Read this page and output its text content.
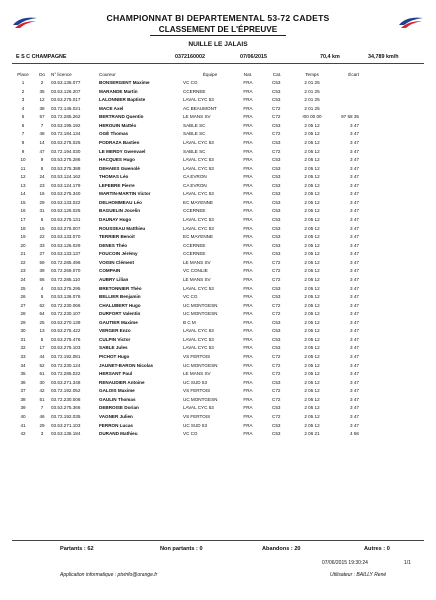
CHAMPIONNAT BI DEPARTEMENTAL 53-72 CADETS
CLASSEMENT DE L'ÉPREUVE
NUILLE LE JALAIS
E S C CHAMPAGNE	0372160002	07/06/2015	70,4 km	34,789 km/h
Place	Do	N° licence	Coureur	Équipe	Nat.	Cat.	Temps	Écart	
1	2	03.53.136.077	BONSERGENT Maxime	VC CG	FRA	C53	2 01 25		
2	35	03.53.126.207	MARANDE Martin	CCERNEE	FRA	C53	2 01 25		
3	12	03.53.275.017	LALONNIER Baptiste	LAVAL CYC 53	FRA	C53	2 01 25		
4	38	03.72.146.021	MACE Axel	AC BEAUMONT	FRA	C72	2 01 25		
5	57	03.72.285.262	BERTRAND Quentin	LE MANS SV	FRA	C72	!00 00 00	97 58 35	
6	7	03.53.195.192	HEROUIN Mattéo	SABLE SC	FRA	C53	2 05 12	3 47	
7	48	03.72.184.134	OGÉ Thomas	SABLE SC	FRA	C72	2 05 12	3 47	
8	14	03.53.275.025	PODRAZA Bastien	LAVAL CYC 53	FRA	C53	2 05 12	3 47	
9	47	03.72.194.030	LE MERDY Gwenvael	SABLE SC	FRA	C72	2 05 12	3 47	
10	9	03.53.275.286	HACQUES Hugo	LAVAL CYC 53	FRA	C53	2 05 12	3 47	
11	8	03.53.275.388	DEHAIES Gwenolé	LAVAL CYC 53	FRA	C53	2 05 12	3 47	
12	24	03.53.124.162	THOMAS Léo	CA EVRON	FRA	C53	2 05 12	3 47	
13	23	03.53.124.179	LEFEBRE Pierre	CA EVRON	FRA	C53	2 05 12	3 47	
14	16	03.53.275.340	MARTIN-MARTIN Victor	LAVAL CYC 53	FRA	C53	2 05 12	3 47	
15	29	03.53.133.022	DELHOMMEAU Léo	EC MAYENNE	FRA	C53	2 05 12	3 47	
16	31	03.53.126.025	BAGUELIN Jocelin	CCERNEE	FRA	C53	2 05 12	3 47	
17	6	03.53.275.131	DAUNAY Hugo	LAVAL CYC 53	FRA	C53	2 05 12	3 47	
18	15	03.53.275.007	ROUSSEAU Matthieu	LAVAL CYC 53	FRA	C53	2 05 12	3 47	
19	22	03.53.133.070	TERRIER Benoit	EC MAYENNE	FRA	C53	2 05 12	3 47	
20	33	03.53.126.029	DENES Théo	CCERNEE	FRA	C53	2 05 12	3 47	
21	27	03.53.133.137	FOUCOIN Jérémy	CCERNEE	FRA	C53	2 05 12	3 47	
22	59	03.72.285.496	VOISIN Clément	LE MANS SV	FRA	C72	2 05 12	3 47	
23	39	03.72.269.070	COMPAIN	VC CONLIE	FRA	C72	2 05 12	3 47	
24	56	03.72.285.110	AUBRY Lilian	LE MANS SV	FRA	C72	2 05 12	3 47	
25	4	03.53.275.295	BRETONNIER Théo	LAVAL CYC 53	FRA	C53	2 05 12	3 47	
26	5	03.53.136.076	BELLIER Benjamin	VC CG	FRA	C53	2 05 12	3 47	
27	62	03.72.230.066	CHALUBERT Hugo	UC MONTGESN	FRA	C72	2 05 12	3 47	
28	64	03.72.230.107	DURFORT Valentin	UC MONTGESN	FRA	C72	2 05 12	3 47	
29	25	03.53.270.139	GAUTIER Maxime	B C M	FRA	C53	2 05 12	3 47	
30	13	03.53.275.422	VERGER Enzo	LAVAL CYC 53	FRA	C53	2 05 12	3 47	
31	5	03.53.275.476	CULPIN Victor	LAVAL CYC 53	FRA	C53	2 05 12	3 47	
32	17	03.53.275.103	SABLE Jules	LAVAL CYC 53	FRA	C53	2 05 12	3 47	
33	44	03.72.192.081	PICHOT Hugo	VS FERTOIS	FRA	C72	2 05 12	3 47	
34	52	03.72.230.124	JAUNET-BARON Nicolas	UC MONTGESN	FRA	C72	2 05 12	3 47	
35	61	03.72.285.022	HERSANT Paul	LE MANS SV	FRA	C72	2 05 12	3 47	
36	30	03.53.271.348	RENAUDIER Antoine	UC SUD 53	FRA	C53	2 05 12	3 47	
37	42	03.72.192.052	GALOIS Maxime	VS FERTOIS	FRA	C72	2 05 12	3 47	
38	51	03.72.230.008	GAULIN Thomas	UC MONTGESN	FRA	C72	2 05 12	3 47	
39	7	03.53.275.366	DEBROISE Dorian	LAVAL CYC 53	FRA	C53	2 05 12	3 47	
40	46	03.72.192.035	VAGNER Julien	VS FERTOIS	FRA	C72	2 05 12	3 47	
41	29	03.53.271.103	FERRON Lucas	UC SUD 53	FRA	C53	2 05 12	3 47	
42	3	03.53.136.184	DURAND Mathieu	VC CG	FRA	C53	2 06 21	4 56	
Partants : 62	Non partants : 0	Abandons : 20	Autres : 0
07/06/2015 19:30:24	1/1
Application informatique : ptvinfo@orange.fr	Utilisateur : BAILLY René
